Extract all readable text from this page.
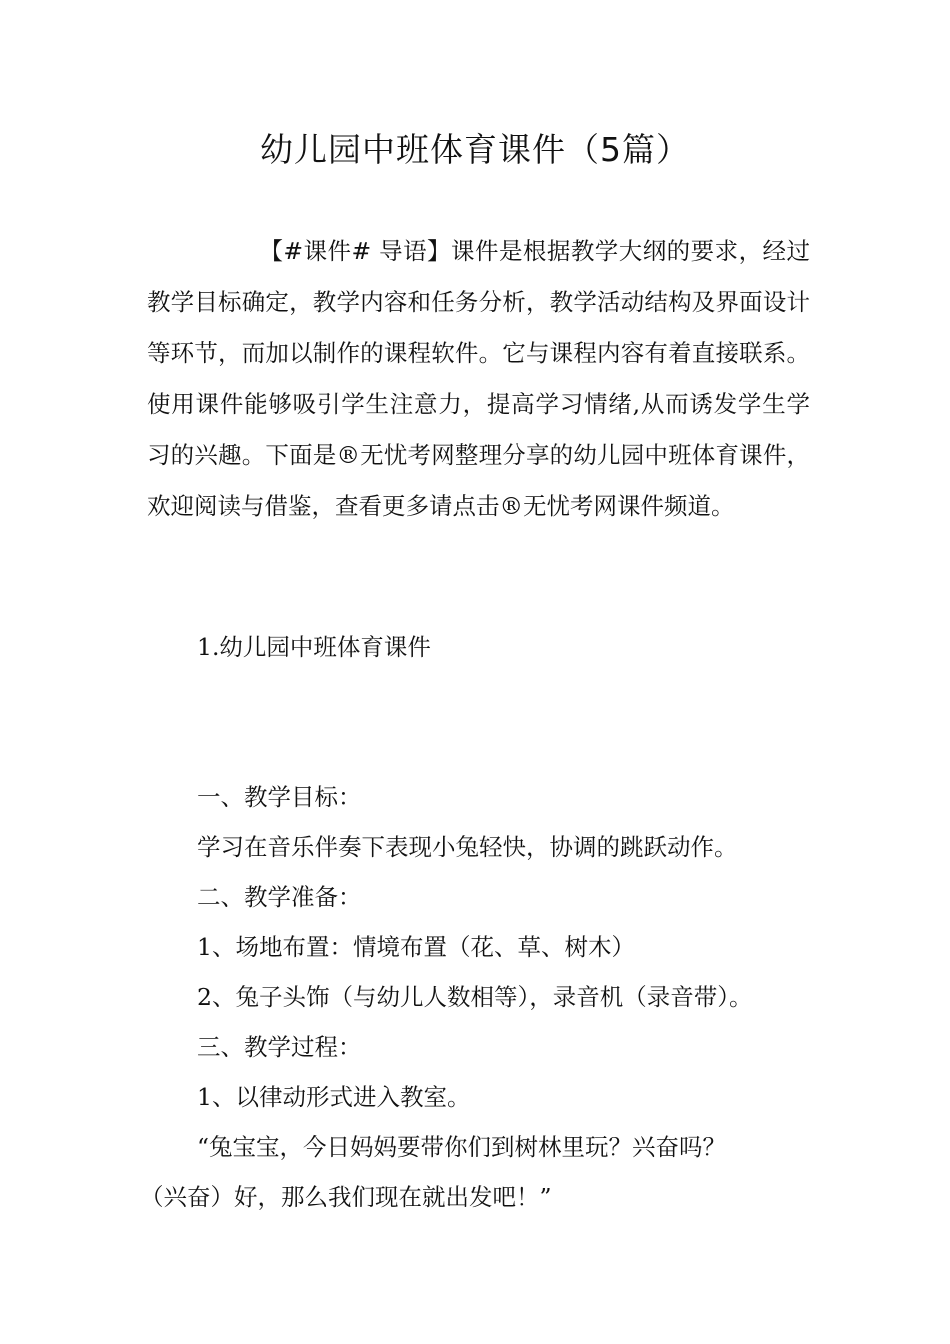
幼儿园中班体育课件（5篇）

【#课件# 导语】课件是根据教学大纲的要求，经过教学目标确定，教学内容和任务分析，教学活动结构及界面设计等环节，而加以制作的课程软件。它与课程内容有着直接联系。使用课件能够吸引学生注意力，提高学习情绪,从而诱发学生学习的兴趣。下面是®无忧考网整理分享的幼儿园中班体育课件，欢迎阅读与借鉴，查看更多请点击®无忧考网课件频道。

1.幼儿园中班体育课件

一、教学目标：

学习在音乐伴奏下表现小兔轻快，协调的跳跃动作。

二、教学准备：

1、场地布置：情境布置（花、草、树木）

2、兔子头饰（与幼儿人数相等），录音机（录音带）。

三、教学过程：

1、以律动形式进入教室。

“兔宝宝，今日妈妈要带你们到树林里玩？兴奋吗？

（兴奋）好，那么我们现在就出发吧！”
